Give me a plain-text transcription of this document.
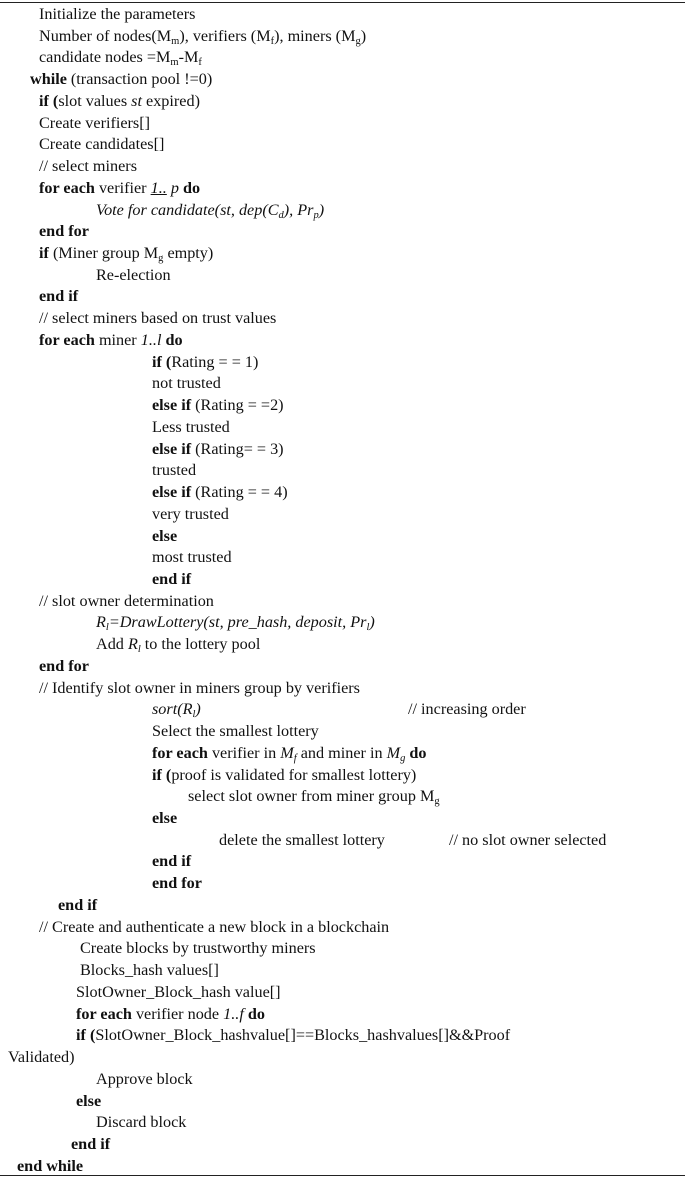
Initialize the parameters
Number of $nodes(M_m)$, verifiers $(M_f)$, miners $(M_g)$
candidate nodes $=M_m-M_f$
while (transaction pool !=0)
if (slot values st expired)
Create verifiers[]
Create candidates[]
// select miners
for each verifier 1.. p do
Vote for candidate(st, $dep(C_d)$, $Pr_p$)
end for
if (Miner group $M_g$ empty)
Re-election
end if
// select miners based on trust values
for each miner 1..l do
if (Rating = = 1)
not trusted
else if (Rating = =2)
Less trusted
else if (Rating= = 3)
trusted
else if (Rating = = 4)
very trusted
else
most trusted
end if
// slot owner determination
$R_l=DrawLottery(st$, pre_hash, deposit, $Pr_l$)
Add $R_l$ to the lottery pool
end for
// Identify slot owner in miners group by verifiers
$sort(R_l)$
Select the smallest lottery
for each verifier in $M_f$ and miner in $M_g$ do
if (proof is validated for smallest lottery)
select slot owner from miner group $M_g$
else
delete the smallest lottery
end if
end for
end if
// Create and authenticate a new block in a blockchain
Create blocks by trustworthy miners
Blocks_hash values[]
SlotOwner_Block_hash value[]
for each verifier node 1..f do
if (SlotOwner_Block_hashvalue[]==Blocks_hashvalues[]&&Proof
Validated)
Approve block
else
Discard block
end if
end while
// increasing order
// no slot owner selected
